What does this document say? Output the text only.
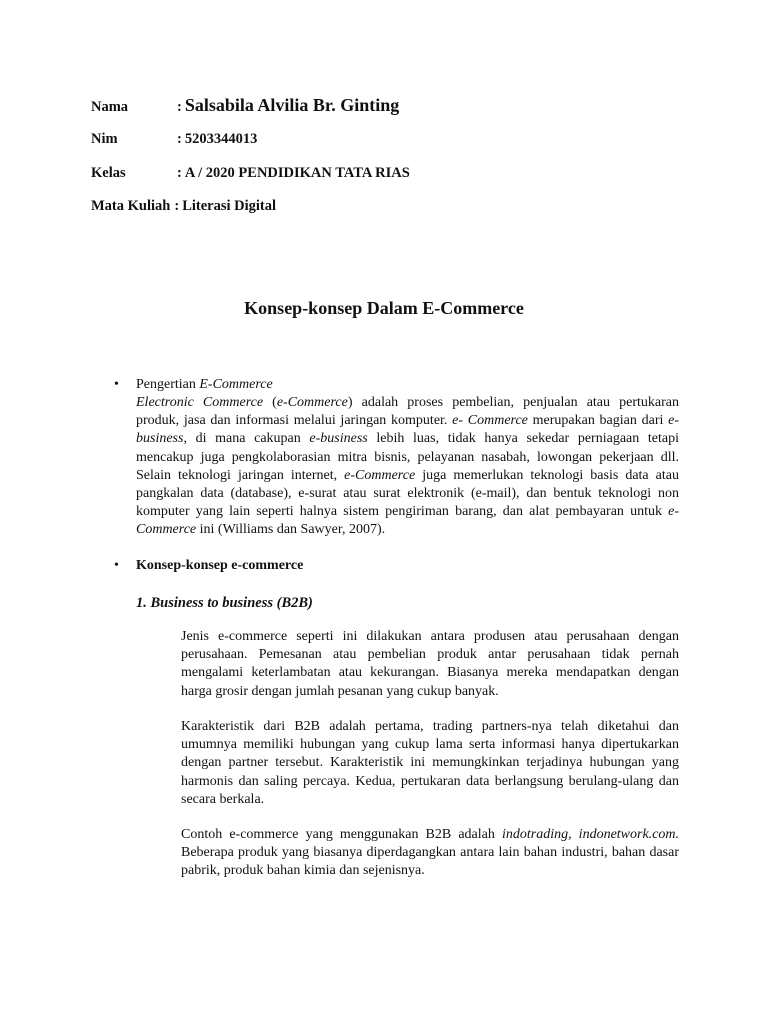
Nama	: Salsabila Alvilia Br. Ginting
Nim	: 5203344013
Kelas	: A / 2020 PENDIDIKAN TATA RIAS
Mata Kuliah : Literasi Digital
Konsep-konsep Dalam E-Commerce
• Pengertian E-Commerce
Electronic Commerce (e-Commerce) adalah proses pembelian, penjualan atau pertukaran produk, jasa dan informasi melalui jaringan komputer. e- Commerce merupakan bagian dari e-business, di mana cakupan e-business lebih luas, tidak hanya sekedar perniagaan tetapi mencakup juga pengkolaborasian mitra bisnis, pelayanan nasabah, lowongan pekerjaan dll. Selain teknologi jaringan internet, e-Commerce juga memerlukan teknologi basis data atau pangkalan data (database), e-surat atau surat elektronik (e-mail), dan bentuk teknologi non komputer yang lain seperti halnya sistem pengiriman barang, dan alat pembayaran untuk e-Commerce ini (Williams dan Sawyer, 2007).
• Konsep-konsep e-commerce
1. Business to business (B2B)
Jenis e-commerce seperti ini dilakukan antara produsen atau perusahaan dengan perusahaan. Pemesanan atau pembelian produk antar perusahaan tidak pernah mengalami keterlambatan atau kekurangan. Biasanya mereka mendapatkan dengan harga grosir dengan jumlah pesanan yang cukup banyak.
Karakteristik dari B2B adalah pertama, trading partners-nya telah diketahui dan umumnya memiliki hubungan yang cukup lama serta informasi hanya dipertukarkan dengan partner tersebut. Karakteristik ini memungkinkan terjadinya hubungan yang harmonis dan saling percaya. Kedua, pertukaran data berlangsung berulang-ulang dan secara berkala.
Contoh e-commerce yang menggunakan B2B adalah indotrading, indonetwork.com. Beberapa produk yang biasanya diperdagangkan antara lain bahan industri, bahan dasar pabrik, produk bahan kimia dan sejenisnya.
